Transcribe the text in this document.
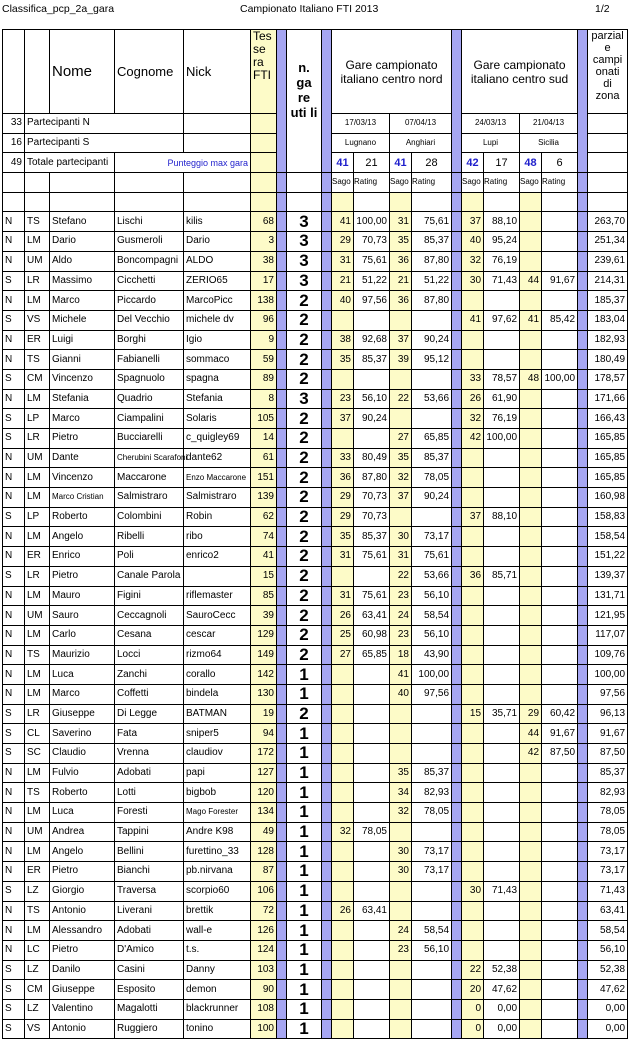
Classifica_pcp_2a_gara	Campionato Italiano FTI 2013	1/2
		Nome	Cognome	Nick	Tes se ra FTI		n. ga re uti li		Gare campionato italiano centro nord					Gare campionato italiano centro sud					parzial e campi onati di zona
33	Partecipanti N								17/03/13		07/04/13			24/03/13		21/04/13			
16	Partecipanti S								Lugnano		Anghiari			Lupi		Sicilia			
49	Totale partecipanti		Punteggio max gara						41	21	41	28		42	17	48	6		
									Sago	Rating	Sago	Rating		Sago	Rating	Sago	Rating		

N	TS	Stefano	Lischi	kilis	68		3		41	100,00	31	75,61		37	88,10				263,70
N	LM	Dario	Gusmeroli	Dario	3		3		29	70,73	35	85,37		40	95,24				251,34
N	UM	Aldo	Boncompagni	ALDO	38		3		31	75,61	36	87,80		32	76,19				239,61
S	LR	Massimo	Cicchetti	ZERIO65	17		3		21	51,22	21	51,22		30	71,43	44	91,67		214,31
N	LM	Marco	Piccardo	MarcoPicc	138		2		40	97,56	36	87,80							185,37
S	VS	Michele	Del Vecchio	michele dv	96		2							41	97,62	41	85,42		183,04
N	ER	Luigi	Borghi	Igio	9		2		38	92,68	37	90,24							182,93
N	TS	Gianni	Fabianelli	sommaco	59		2		35	85,37	39	95,12							180,49
S	CM	Vincenzo	Spagnuolo	spagna	89		2							33	78,57	48	100,00		178,57
N	LM	Stefania	Quadrio	Stefania	8		3		23	56,10	22	53,66		26	61,90				171,66
S	LP	Marco	Ciampalini	Solaris	105		2		37	90,24				32	76,19				166,43
S	LR	Pietro	Bucciarelli	c_quigley69	14		2				27	65,85		42	100,00				165,85
N	UM	Dante	Cherubini Scarafoni	dante62	61		2		33	80,49	35	85,37							165,85
N	LM	Vincenzo	Maccarone	Enzo Maccarone	151		2		36	87,80	32	78,05							165,85
N	LM	Marco Cristian	Salmistraro	Salmistraro	139		2		29	70,73	37	90,24							160,98
S	LP	Roberto	Colombini	Robin	62		2		29	70,73				37	88,10				158,83
N	LM	Angelo	Ribelli	ribo	74		2		35	85,37	30	73,17							158,54
N	ER	Enrico	Poli	enrico2	41		2		31	75,61	31	75,61							151,22
S	LR	Pietro	Canale Parola		15		2				22	53,66		36	85,71				139,37
N	LM	Mauro	Figini	riflemaster	85		2		31	75,61	23	56,10							131,71
N	UM	Sauro	Ceccagnoli	SauroCecc	39		2		26	63,41	24	58,54							121,95
N	LM	Carlo	Cesana	cescar	129		2		25	60,98	23	56,10							117,07
N	TS	Maurizio	Locci	rizmo64	149		2		27	65,85	18	43,90							109,76
N	LM	Luca	Zanchi	corallo	142		1				41	100,00							100,00
N	LM	Marco	Coffetti	bindela	130		1				40	97,56							97,56
S	LR	Giuseppe	Di Legge	BATMAN	19		2							15	35,71	29	60,42		96,13
S	CL	Saverino	Fata	sniper5	94		1									44	91,67		91,67
S	SC	Claudio	Vrenna	claudiov	172		1									42	87,50		87,50
N	LM	Fulvio	Adobati	papi	127		1				35	85,37							85,37
N	TS	Roberto	Lotti	bigbob	120		1				34	82,93							82,93
N	LM	Luca	Foresti	Mago Forester	134		1				32	78,05							78,05
N	UM	Andrea	Tappini	Andre K98	49		1		32	78,05									78,05
N	LM	Angelo	Bellini	furettino_33	128		1				30	73,17							73,17
N	ER	Pietro	Bianchi	pb.nirvana	87		1				30	73,17							73,17
S	LZ	Giorgio	Traversa	scorpio60	106		1							30	71,43				71,43
N	TS	Antonio	Liverani	brettik	72		1		26	63,41									63,41
N	LM	Alessandro	Adobati	wall-e	126		1				24	58,54							58,54
N	LC	Pietro	D'Amico	t.s.	124		1				23	56,10							56,10
S	LZ	Danilo	Casini	Danny	103		1							22	52,38				52,38
S	CM	Giuseppe	Esposito	demon	90		1							20	47,62				47,62
S	LZ	Valentino	Magalotti	blackrunner	108		1							0	0,00				0,00
S	VS	Antonio	Ruggiero	tonino	100		1							0	0,00				0,00
